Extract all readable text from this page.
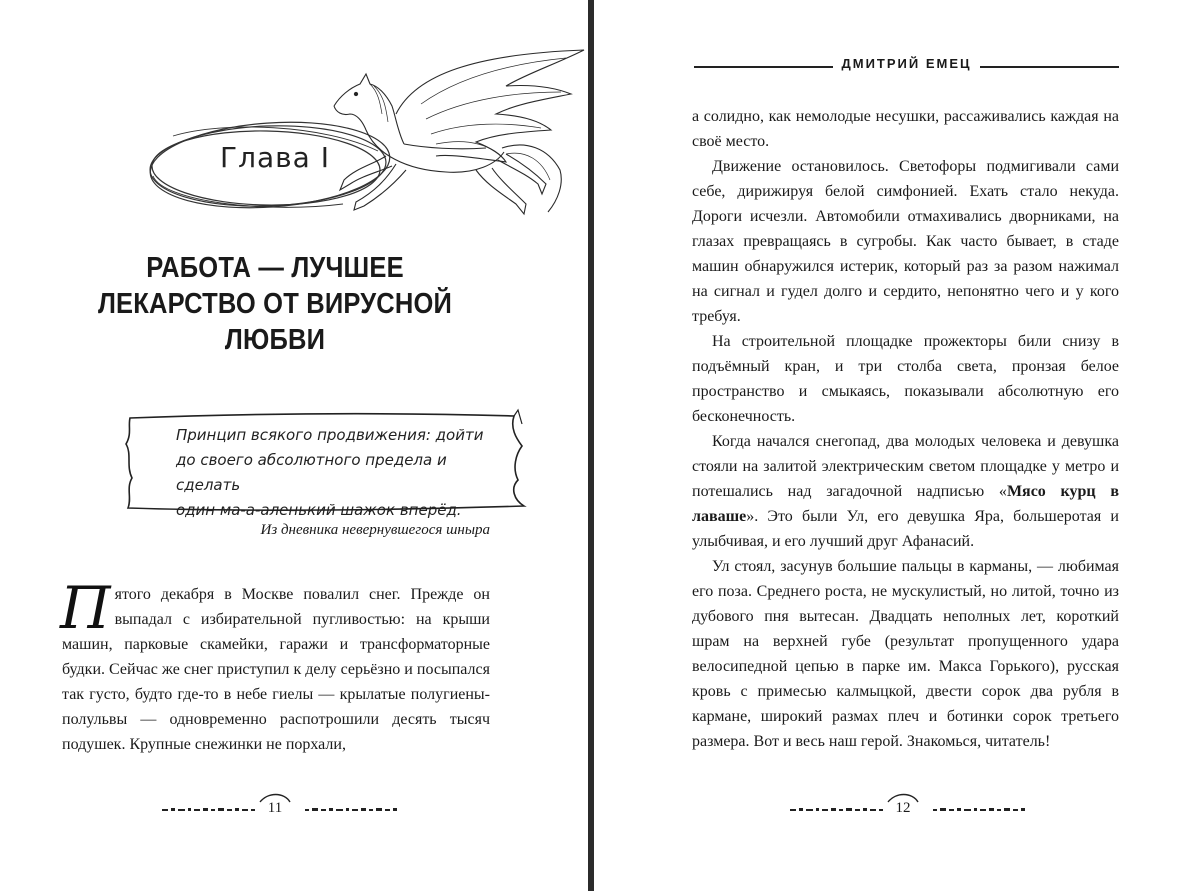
Глава I
РАБОТА — ЛУЧШЕЕ
ЛЕКАРСТВО ОТ ВИРУСНОЙ
ЛЮБВИ
Принцип всякого продвижения: дойти
до своего абсолютного предела и сделать
один ма-а-аленький шажок вперёд.
Из дневника невернувшегося шныра

Пятого декабря в Москве повалил снег. Прежде он выпадал с избирательной пугливостью: на крыши машин, парковые скамейки, гаражи и трансформаторные будки. Сейчас же снег приступил к делу серьёзно и посыпался так густо, будто где-то в небе гиелы — крылатые полугиены-полульвы — одновременно распотрошили десять тысяч подушек. Крупные снежинки не порхали,

11
ДМИТРИЙ ЕМЕЦ

а солидно, как немолодые несушки, рассаживались каждая на своё место.

Движение остановилось. Светофоры подмигивали сами себе, дирижируя белой симфонией. Ехать стало некуда. Дороги исчезли. Автомобили отмахивались дворниками, на глазах превращаясь в сугробы. Как часто бывает, в стаде машин обнаружился истерик, который раз за разом нажимал на сигнал и гудел долго и сердито, непонятно чего и у кого требуя.

На строительной площадке прожекторы били снизу в подъёмный кран, и три столба света, пронзая белое пространство и смыкаясь, показывали абсолютную его бесконечность.

Когда начался снегопад, два молодых человека и девушка стояли на залитой электрическим светом площадке у метро и потешались над загадочной надписью «Мясо курц в лаваше». Это были Ул, его девушка Яра, большеротая и улыбчивая, и его лучший друг Афанасий.

Ул стоял, засунув большие пальцы в карманы, — любимая его поза. Среднего роста, не мускулистый, но литой, точно из дубового пня вытесан. Двадцать неполных лет, короткий шрам на верхней губе (результат пропущенного удара велосипедной цепью в парке им. Макса Горького), русская кровь с примесью калмыцкой, двести сорок два рубля в кармане, широкий размах плеч и ботинки сорок третьего размера. Вот и весь наш герой. Знакомься, читатель!

12
